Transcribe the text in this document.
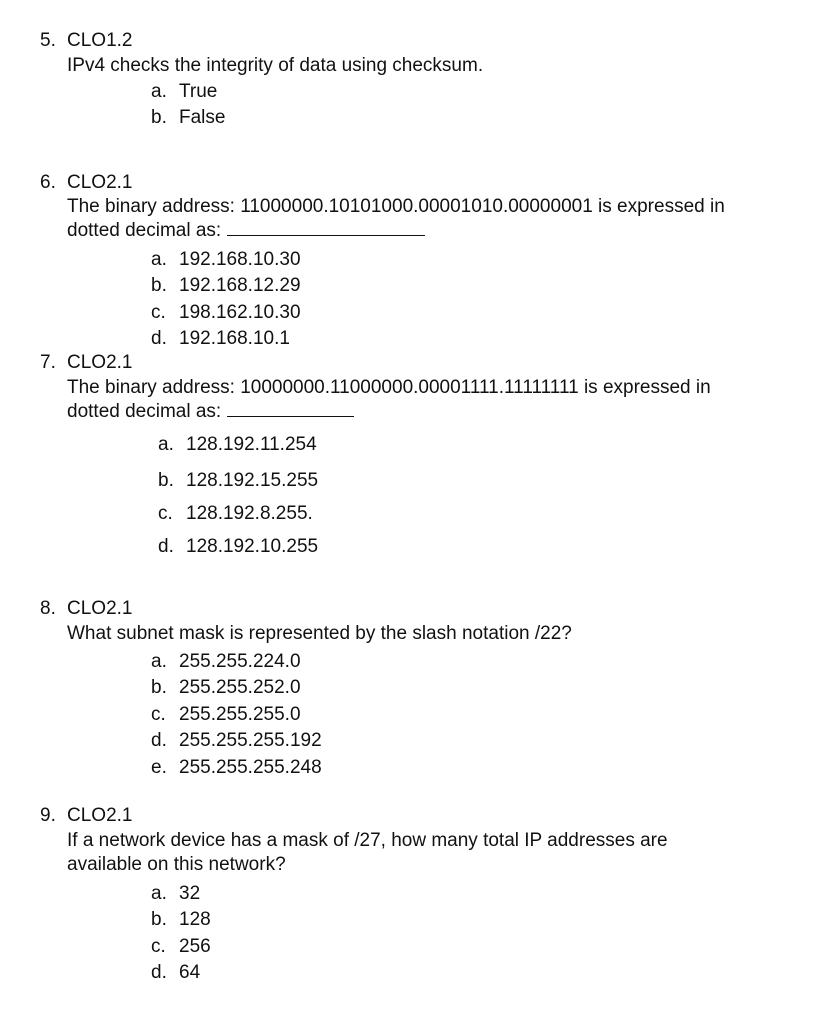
5. CLO1.2
IPv4 checks the integrity of data using checksum.
a. True
b. False
6. CLO2.1
The binary address: 11000000.10101000.00001010.00000001 is expressed in
dotted decimal as:
a. 192.168.10.30
b. 192.168.12.29
c. 198.162.10.30
d. 192.168.10.1
7. CLO2.1
The binary address: 10000000.11000000.00001111.11111111 is expressed in
dotted decimal as:
a. 128.192.11.254
b. 128.192.15.255
c. 128.192.8.255.
d. 128.192.10.255
8. CLO2.1
What subnet mask is represented by the slash notation /22?
a. 255.255.224.0
b. 255.255.252.0
c. 255.255.255.0
d. 255.255.255.192
e. 255.255.255.248
9. CLO2.1
If a network device has a mask of /27, how many total IP addresses are
available on this network?
a. 32
b. 128
c. 256
d. 64
